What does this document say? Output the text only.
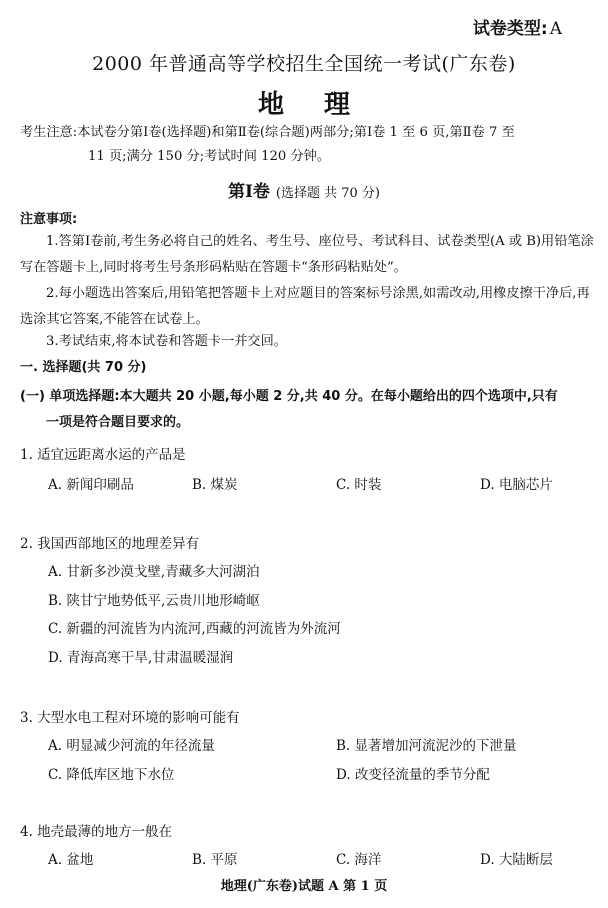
试卷类型: A
2000 年普通高等学校招生全国统一考试(广东卷)
地理
考生注意:本试卷分第Ⅰ卷(选择题)和第Ⅱ卷(综合题)两部分;第Ⅰ卷 1 至 6 页,第Ⅱ卷 7 至
11 页;满分 150 分;考试时间 120 分钟。
第Ⅰ卷 (选择题 共 70 分)
注意事项:
1.答第Ⅰ卷前,考生务必将自己的姓名、考生号、座位号、考试科目、试卷类型(A 或 B)用铅笔涂写在答题卡上,同时将考生号条形码粘贴在答题卡“条形码粘贴处”。
2.每小题选出答案后,用铅笔把答题卡上对应题目的答案标号涂黑,如需改动,用橡皮擦干净后,再选涂其它答案,不能答在试卷上。
3.考试结束,将本试卷和答题卡一并交回。
一. 选择题(共 70 分)
(一) 单项选择题:本大题共 20 小题,每小题 2 分,共 40 分。在每小题给出的四个选项中,只有
一项是符合题目要求的。
1. 适宜远距离水运的产品是
A. 新闻印刷品	B. 煤炭	C. 时装	D. 电脑芯片
2. 我国西部地区的地理差异有
A. 甘新多沙漠戈壁,青藏多大河湖泊
B. 陕甘宁地势低平,云贵川地形崎岖
C. 新疆的河流皆为内流河,西藏的河流皆为外流河
D. 青海高寒干旱,甘肃温暖湿润
3. 大型水电工程对环境的影响可能有
A. 明显减少河流的年径流量	B. 显著增加河流泥沙的下泄量
C. 降低库区地下水位	D. 改变径流量的季节分配
4. 地壳最薄的地方一般在
A. 盆地	B. 平原	C. 海洋	D. 大陆断层
地理(广东卷)试题 A 第 1 页
